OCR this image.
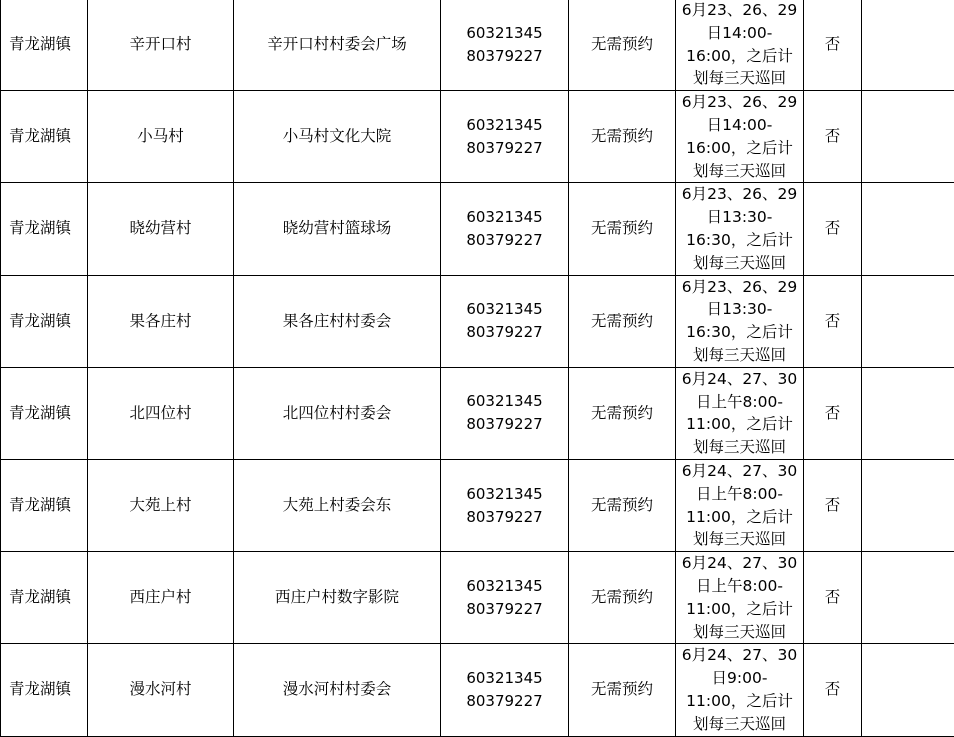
青龙湖镇	辛开口村	辛开口村村委会广场	60321345
80379227	无需预约	6月23、26、29
日14:00-
16:00，之后计
划每三天巡回	否	

青龙湖镇	小马村	小马村文化大院	60321345
80379227	无需预约	6月23、26、29
日14:00-
16:00，之后计
划每三天巡回	否	

青龙湖镇	晓幼营村	晓幼营村篮球场	60321345
80379227	无需预约	6月23、26、29
日13:30-
16:30，之后计
划每三天巡回	否	

青龙湖镇	果各庄村	果各庄村村委会	60321345
80379227	无需预约	6月23、26、29
日13:30-
16:30，之后计
划每三天巡回	否	

青龙湖镇	北四位村	北四位村村委会	60321345
80379227	无需预约	6月24、27、30
日上午8:00-
11:00，之后计
划每三天巡回	否	

青龙湖镇	大苑上村	大苑上村委会东	60321345
80379227	无需预约	6月24、27、30
日上午8:00-
11:00，之后计
划每三天巡回	否	

青龙湖镇	西庄户村	西庄户村数字影院	60321345
80379227	无需预约	6月24、27、30
日上午8:00-
11:00，之后计
划每三天巡回	否	

青龙湖镇	漫水河村	漫水河村村委会	60321345
80379227	无需预约	6月24、27、30
日9:00-
11:00，之后计
划每三天巡回	否	
